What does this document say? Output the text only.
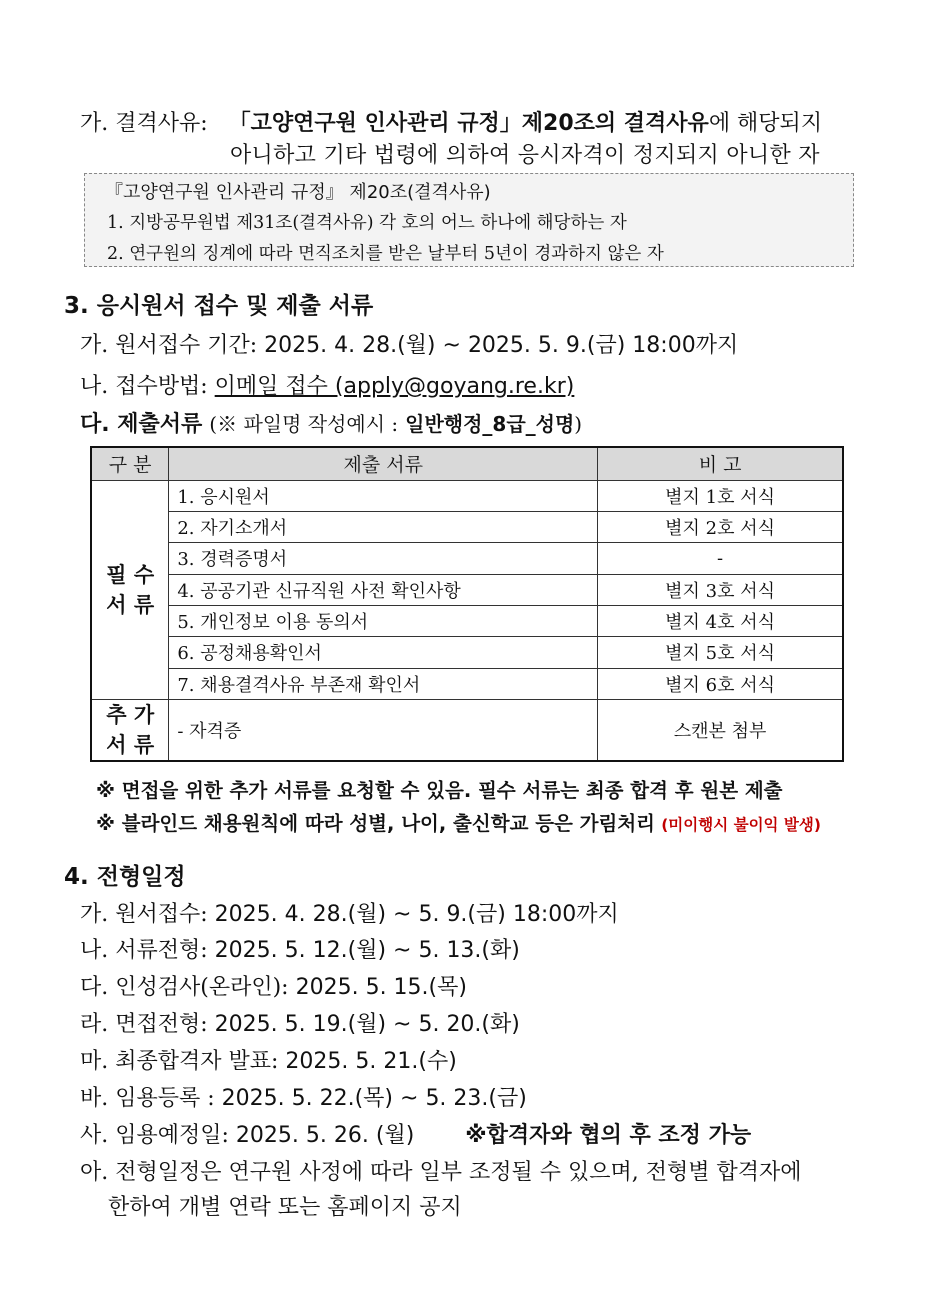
가. 결격사유: 「고양연구원 인사관리 규정」제20조의 결격사유에 해당되지
아니하고 기타 법령에 의하여 응시자격이 정지되지 아니한 자
『고양연구원 인사관리 규정』 제20조(결격사유)
1. 지방공무원법 제31조(결격사유) 각 호의 어느 하나에 해당하는 자
2. 연구원의 징계에 따라 면직조치를 받은 날부터 5년이 경과하지 않은 자
3. 응시원서 접수 및 제출 서류
가. 원서접수 기간: 2025. 4. 28.(월) ~ 2025. 5. 9.(금) 18:00까지
나. 접수방법: 이메일 접수 (apply@goyang.re.kr)
다. 제출서류 (※ 파일명 작성예시 : 일반행정_8급_성명)
구 분	제출 서류	비 고

필 수
서 류	1. 응시원서	별지 1호 서식
	2. 자기소개서	별지 2호 서식
	3. 경력증명서	-
	4. 공공기관 신규직원 사전 확인사항	별지 3호 서식
	5. 개인정보 이용 동의서	별지 4호 서식
	6. 공정채용확인서	별지 5호 서식
	7. 채용결격사유 부존재 확인서	별지 6호 서식

추 가
서 류	- 자격증	스캔본 첨부
※ 면접을 위한 추가 서류를 요청할 수 있음. 필수 서류는 최종 합격 후 원본 제출
※ 블라인드 채용원칙에 따라 성별, 나이, 출신학교 등은 가림처리 (미이행시 불이익 발생)
4. 전형일정
가. 원서접수: 2025. 4. 28.(월) ~ 5. 9.(금) 18:00까지
나. 서류전형: 2025. 5. 12.(월) ~ 5. 13.(화)
다. 인성검사(온라인): 2025. 5. 15.(목)
라. 면접전형: 2025. 5. 19.(월) ~ 5. 20.(화)
마. 최종합격자 발표: 2025. 5. 21.(수)
바. 임용등록 : 2025. 5. 22.(목) ~ 5. 23.(금)
사. 임용예정일: 2025. 5. 26. (월) ※합격자와 협의 후 조정 가능
아. 전형일정은 연구원 사정에 따라 일부 조정될 수 있으며, 전형별 합격자에
한하여 개별 연락 또는 홈페이지 공지
